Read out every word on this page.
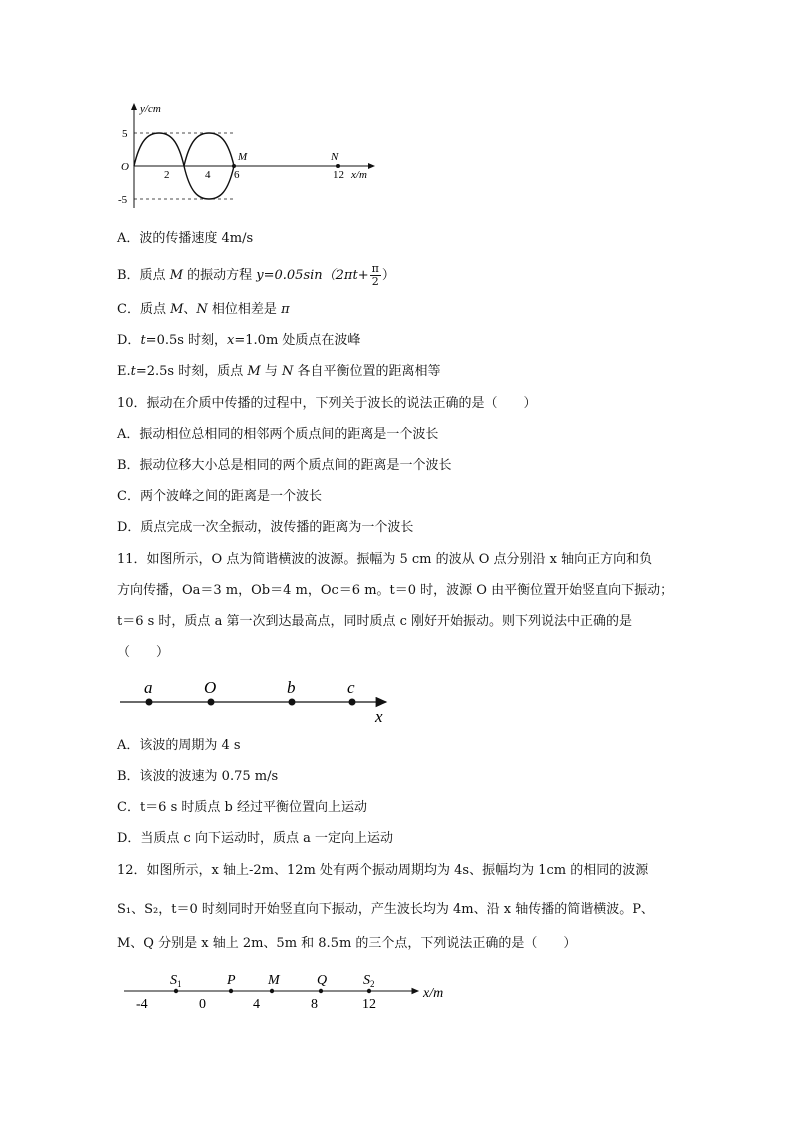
y/cm
O
5
-5
2	4 6	12 x/m
M	N
A．波的传播速度 4m/s
B．质点 M 的振动方程 $y=0.05\sin(2\pi t+ \frac{\pi}{2}$ ）
C．质点 M、N 相位相差是 π
D．t=0.5s 时刻，x=1.0m 处质点在波峰
E.t=2.5s 时刻，质点 M 与 N 各自平衡位置的距离相等
10．振动在介质中传播的过程中，下列关于波长的说法正确的是（　　）
A．振动相位总相同的相邻两个质点间的距离是一个波长
B．振动位移大小总是相同的两个质点间的距离是一个波长
C．两个波峰之间的距离是一个波长
D．质点完成一次全振动，波传播的距离为一个波长
11．如图所示，O 点为简谐横波的波源。振幅为 5 cm 的波从 O 点分别沿 x 轴向正方向和负
方向传播，Oa＝3 m，Ob＝4 m，Oc＝6 m。t＝0 时，波源 O 由平衡位置开始竖直向下振动；
t＝6 s 时，质点 a 第一次到达最高点，同时质点 c 刚好开始振动。则下列说法中正确的是
（　　）
a	O	b	c
x
A．该波的周期为 4 s
B．该波的波速为 0.75 m/s
C．t＝6 s 时质点 b 经过平衡位置向上运动
D．当质点 c 向下运动时，质点 a 一定向上运动
12．如图所示，x 轴上-2m、12m 处有两个振动周期均为 4s、振幅均为 1cm 的相同的波源
S₁、S₂，t＝0 时刻同时开始竖直向下振动，产生波长均为 4m、沿 x 轴传播的简谐横波。P、
M、Q 分别是 x 轴上 2m、5m 和 8.5m 的三个点，下列说法正确的是（　　）
$S_1$	P M	Q	$S_2$
-4	0	4	8	12
x/m
